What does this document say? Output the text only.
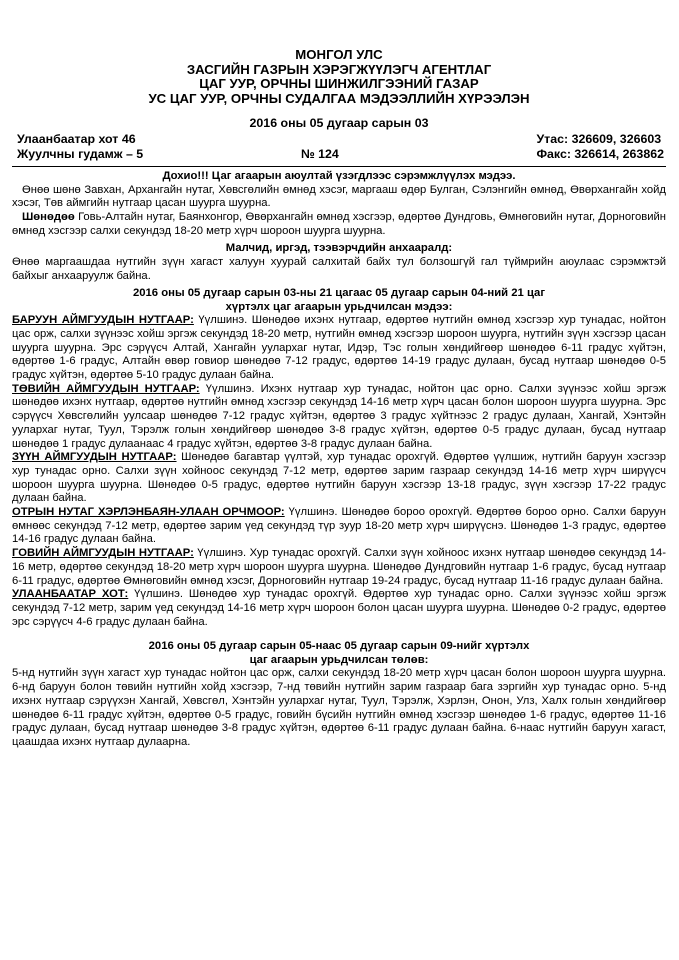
МОНГОЛ УЛС
ЗАСГИЙН ГАЗРЫН ХЭРЭГЖҮҮЛЭГЧ АГЕНТЛАГ
ЦАГ УУР, ОРЧНЫ ШИНЖИЛГЭЭНИЙ ГАЗАР
УС ЦАГ УУР, ОРЧНЫ СУДАЛГАА МЭДЭЭЛЛИЙН ХҮРЭЭЛЭН
2016 оны 05 дугаар сарын 03
Улаанбаатар хот 46
Жуулчны гудамж – 5	№ 124
Утас: 326609, 326603
Факс: 326614, 263862
Дохио!!! Цаг агаарын аюултай үзэгдлээс сэрэмжлүүлэх мэдээ.

Өнөө шөнө Завхан, Архангайн нутаг, Хөвсгөлийн өмнөд хэсэг, маргааш өдөр Булган, Сэлэнгийн өмнөд, Өвөрхангайн хойд хэсэг, Төв аймгийн нутгаар цасан шуурга шуурна.

Шөнөдөө Говь-Алтайн нутаг, Баянхонгор, Өвөрхангайн өмнөд хэсгээр, өдөртөө Дундговь, Өмнөговийн нутаг, Дорноговийн өмнөд хэсгээр салхи секундэд 18-20 метр хүрч шороон шуурга шуурна.

Малчид, иргэд, тээвэрчдийн анхааралд:

Өнөө маргаашдаа нутгийн зүүн хагаст халуун хуурай салхитай байх тул болзошгүй гал түймрийн аюулаас сэрэмжтэй байхыг анхааруулж байна.

2016 оны 05 дугаар сарын 03-ны 21 цагаас 05 дугаар сарын 04-ний 21 цаг
хүртэлх цаг агаарын урьдчилсан мэдээ:

БАРУУН АЙМГУУДЫН НУТГААР: Үүлшинэ. Шөнөдөө ихэнх нутгаар, өдөртөө нутгийн өмнөд хэсгээр хур тунадас, нойтон цас орж, салхи зүүнээс хойш эргэж секундэд 18-20 метр, нутгийн өмнөд хэсгээр шороон шуурга, нутгийн зүүн хэсгээр цасан шуурга шуурна. Эрс сэрүүсч Алтай, Хангайн уулархаг нутаг, Идэр, Тэс голын хөндийгөөр шөнөдөө 6-11 градус хүйтэн, өдөртөө 1-6 градус, Алтайн өвөр говиор шөнөдөө 7-12 градус, өдөртөө 14-19 градус дулаан, бусад нутгаар шөнөдөө 0-5 градус хүйтэн, өдөртөө 5-10 градус дулаан байна.

ТӨВИЙН АЙМГУУДЫН НУТГААР: Үүлшинэ. Ихэнх нутгаар хур тунадас, нойтон цас орно. Салхи зүүнээс хойш эргэж шөнөдөө ихэнх нутгаар, өдөртөө нутгийн өмнөд хэсгээр секундэд 14-16 метр хүрч цасан болон шороон шуурга шуурна. Эрс сэрүүсч Хөвсгөлийн уулсаар шөнөдөө 7-12 градус хүйтэн, өдөртөө 3 градус хүйтнээс 2 градус дулаан, Хангай, Хэнтэйн уулархаг нутаг, Туул, Тэрэлж голын хөндийгөөр шөнөдөө 3-8 градус хүйтэн, өдөртөө 0-5 градус дулаан, бусад нутгаар шөнөдөө 1 градус дулаанаас 4 градус хүйтэн, өдөртөө 3-8 градус дулаан байна.

ЗҮҮН АЙМГУУДЫН НУТГААР: Шөнөдөө багавтар үүлтэй, хур тунадас орохгүй. Өдөртөө үүлшиж, нутгийн баруун хэсгээр хур тунадас орно. Салхи зүүн хойноос секундэд 7-12 метр, өдөртөө зарим газраар секундэд 14-16 метр хүрч ширүүсч шороон шуурга шуурна. Шөнөдөө 0-5 градус, өдөртөө нутгийн баруун хэсгээр 13-18 градус, зүүн хэсгээр 17-22 градус дулаан байна.

ОТРЫН НУТАГ ХЭРЛЭНБАЯН-УЛААН ОРЧМООР: Үүлшинэ. Шөнөдөө бороо орохгүй. Өдөртөө бороо орно. Салхи баруун өмнөөс секундэд 7-12 метр, өдөртөө зарим үед секундэд түр зуур 18-20 метр хүрч ширүүснэ. Шөнөдөө 1-3 градус, өдөртөө 14-16 градус дулаан байна.

ГОВИЙН АЙМГУУДЫН НУТГААР: Үүлшинэ. Хур тунадас орохгүй. Салхи зүүн хойноос ихэнх нутгаар шөнөдөө секундэд 14-16 метр, өдөртөө секундэд 18-20 метр хүрч шороон шуурга шуурна. Шөнөдөө Дундговийн нутгаар 1-6 градус, бусад нутгаар 6-11 градус, өдөртөө Өмнөговийн өмнөд хэсэг, Дорноговийн нутгаар 19-24 градус, бусад нутгаар 11-16 градус дулаан байна.

УЛААНБААТАР ХОТ: Үүлшинэ. Шөнөдөө хур тунадас орохгүй. Өдөртөө хур тунадас орно. Салхи зүүнээс хойш эргэж секундэд 7-12 метр, зарим үед секундэд 14-16 метр хүрч шороон болон цасан шуурга шуурна. Шөнөдөө 0-2 градус, өдөртөө эрс сэрүүсч 4-6 градус дулаан байна.

2016 оны 05 дугаар сарын 05-наас 05 дугаар сарын 09-нийг хүртэлх
цаг агаарын урьдчилсан төлөв:

5-нд нутгийн зүүн хагаст хур тунадас нойтон цас орж, салхи секундэд 18-20 метр хүрч цасан болон шороон шуурга шуурна. 6-нд баруун болон төвийн нутгийн хойд хэсгээр, 7-нд төвийн нутгийн зарим газраар бага зэргийн хур тунадас орно. 5-нд ихэнх нутгаар сэрүүхэн Хангай, Хөвсгөл, Хэнтэйн уулархаг нутаг, Туул, Тэрэлж, Хэрлэн, Онон, Улз, Халх голын хөндийгөөр шөнөдөө 6-11 градус хүйтэн, өдөртөө 0-5 градус, говийн бүсийн нутгийн өмнөд хэсгээр шөнөдөө 1-6 градус, өдөртөө 11-16 градус дулаан, бусад нутгаар шөнөдөө 3-8 градус хүйтэн, өдөртөө 6-11 градус дулаан байна. 6-наас нутгийн баруун хагаст, цаашдаа ихэнх нутгаар дулаарна.
